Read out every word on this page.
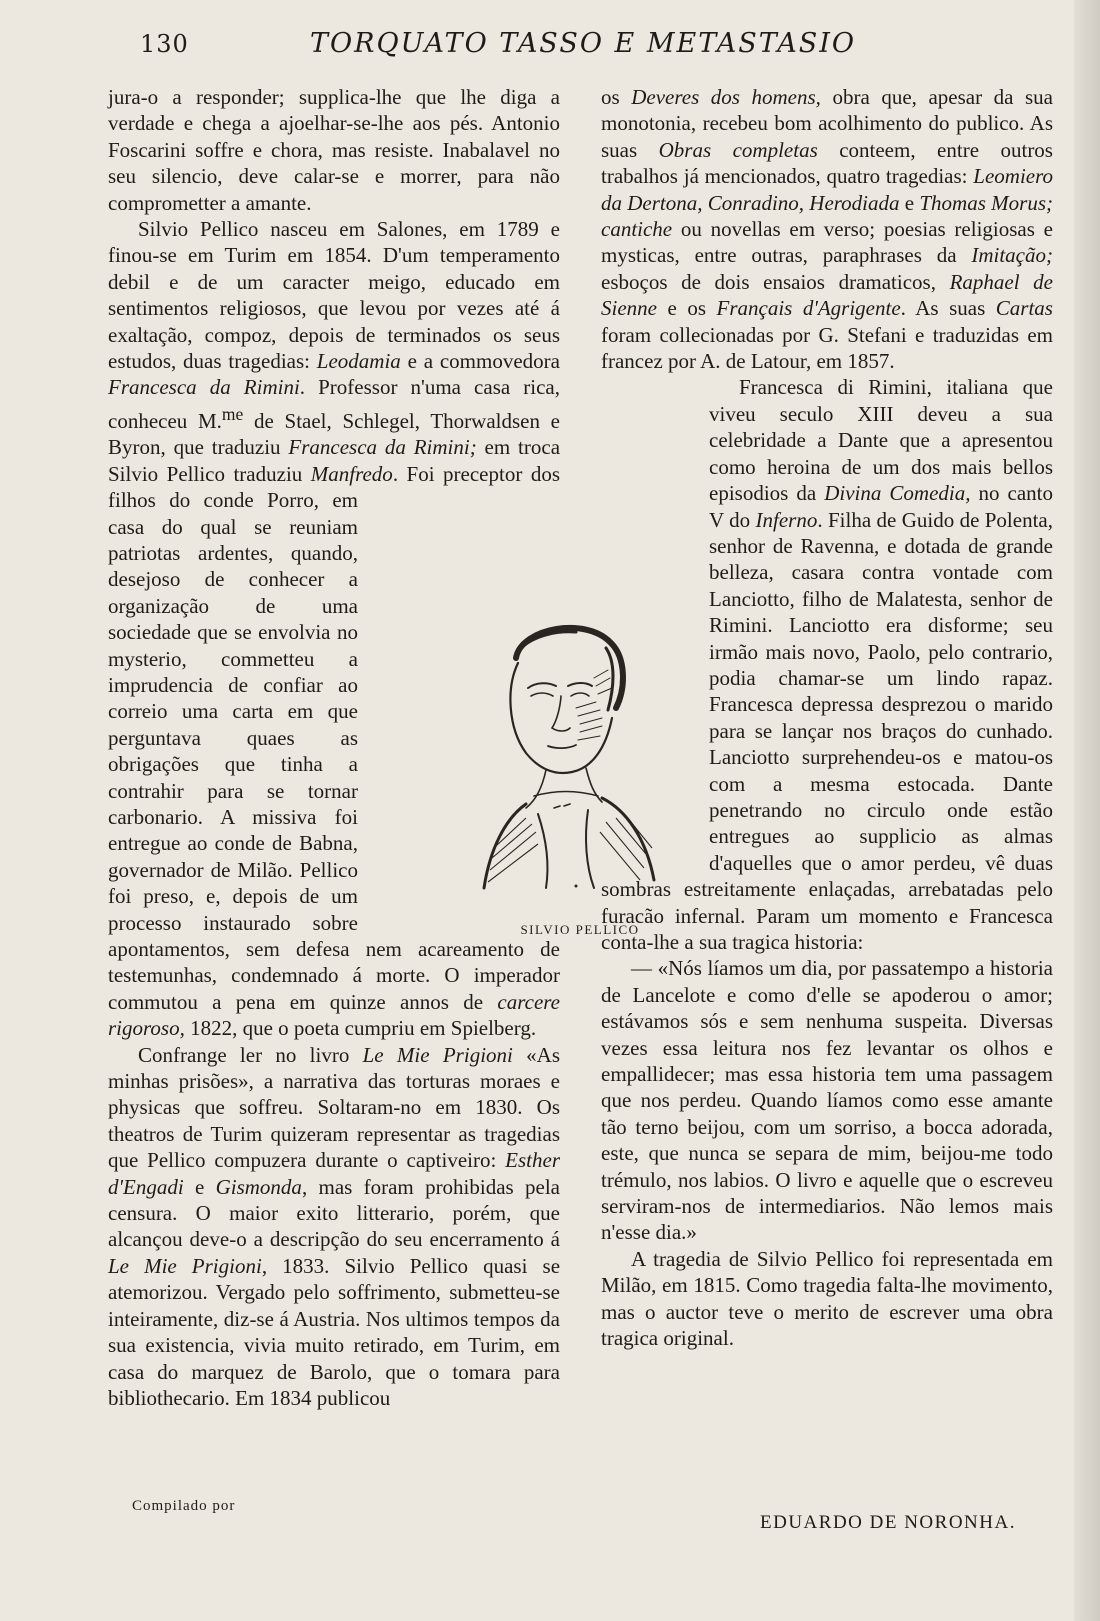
130	TORQUATO TASSO E METASTASIO

jura-o a responder; supplica-lhe que lhe diga a verdade e chega a ajoelhar-se-lhe aos pés. Antonio Foscarini soffre e chora, mas resiste. Inabalavel no seu silencio, deve calar-se e morrer, para não comprometter a amante.

Silvio Pellico nasceu em Salones, em 1789 e finou-se em Turim em 1854. D'um temperamento debil e de um caracter meigo, educado em sentimentos religiosos, que levou por vezes até á exaltação, compoz, depois de terminados os seus estudos, duas tragedias: Leodamia e a commovedora Francesca da Rimini. Professor n'uma casa rica, conheceu M.$^{me}$ de Stael, Schlegel, Thorwaldsen e Byron, que traduziu Francesca da Rimini; em troca Silvio Pellico traduziu Manfredo
. Foi preceptor dos filhos do conde Porro, em casa do qual se reuniam patriotas ardentes, quando, desejoso de conhecer a organização de uma sociedade que se envolvia no mysterio, commetteu a imprudencia de confiar ao correio uma carta em que perguntava quaes as obrigações que tinha a contrahir para se tornar carbonario. A missiva foi entregue ao conde de Babna, governador de Milão. Pellico foi preso, e, depois de um processo instaurado sobre apontamentos, sem defesa nem acareamento de testemunhas, condemnado á morte. O imperador commutou a pena em quinze annos de carcere rigoroso, 1822, que o poeta cumpriu em Spielberg.

Confrange ler no livro Le Mie Prigioni «As minhas prisões», a narrativa das torturas moraes e physicas que soffreu. Soltaram-no em 1830. Os theatros de Turim quizeram representar as tragedias que Pellico compuzera durante o captiveiro: Esther d'Engadi e Gismonda, mas foram prohibidas pela censura. O maior exito litterario, porém, que alcançou deve-o a descripção do seu encerramento á Le Mie Prigioni, 1833. Silvio Pellico quasi se atemorizou. Vergado pelo soffrimento, submetteu-se inteiramente, diz-se á Austria. Nos ultimos tempos da sua existencia, vivia muito retirado, em Turim, em casa do marquez de Barolo, que o tomara para bibliothecario. Em 1834 publicou

os Deveres dos homens, obra que, apesar da sua monotonia, recebeu bom acolhimento do publico. As suas Obras completas conteem, entre outros trabalhos já mencionados, quatro tragedias: Leomiero da Dertona, Conradino, Herodiada e Thomas Morus; cantiche ou novellas em verso; poesias religiosas e mysticas, entre outras, paraphrases da Imitação; esboços de dois ensaios dramaticos, Raphael de Sienne e os Français d'Agrigente. As suas Cartas foram collecionadas por G. Stefani e traduzidas em francez por A. de Latour, em 1857.

Francesca di Rimini, italiana que viveu seculo XIII deveu a sua celebridade a Dante que a apresentou como heroina de um dos mais bellos episodios da Divina Comedia, no canto V do Inferno. Filha de Guido de Polenta, senhor de Ravenna, e dotada de grande belleza, casara contra vontade com Lanciotto, filho de Malatesta, senhor de Rimini. Lanciotto era disforme; seu irmão mais novo, Paolo, pelo contrario, podia chamar-se um lindo rapaz. Francesca depressa desprezou o marido para se lançar nos braços do cunhado. Lanciotto surprehendeu-os e matou-os com a mesma estocada. Dante penetrando no circulo onde estão entregues ao supplicio as almas d'aquelles que o amor perdeu, vê duas sombras estreitamente enlaçadas, arrebatadas pelo furacão infernal. Param um momento e Francesca conta-lhe a sua tragica historia:

— «Nós líamos um dia, por passatempo a historia de Lancelote e como d'elle se apoderou o amor; estávamos sós e sem nenhuma suspeita. Diversas vezes essa leitura nos fez levantar os olhos e empallidecer; mas essa historia tem uma passagem que nos perdeu. Quando líamos como esse amante tão terno beijou, com um sorriso, a bocca adorada, este, que nunca se separa de mim, beijou-me todo trémulo, nos labios. O livro e aquelle que o escreveu serviram-nos de intermediarios. Não lemos mais n'esse dia.»

A tragedia de Silvio Pellico foi representada em Milão, em 1815. Como tragedia falta-lhe movimento, mas o auctor teve o merito de escrever uma obra tragica original.

SILVIO PELLICO
Compilado por
EDUARDO DE NORONHA.
